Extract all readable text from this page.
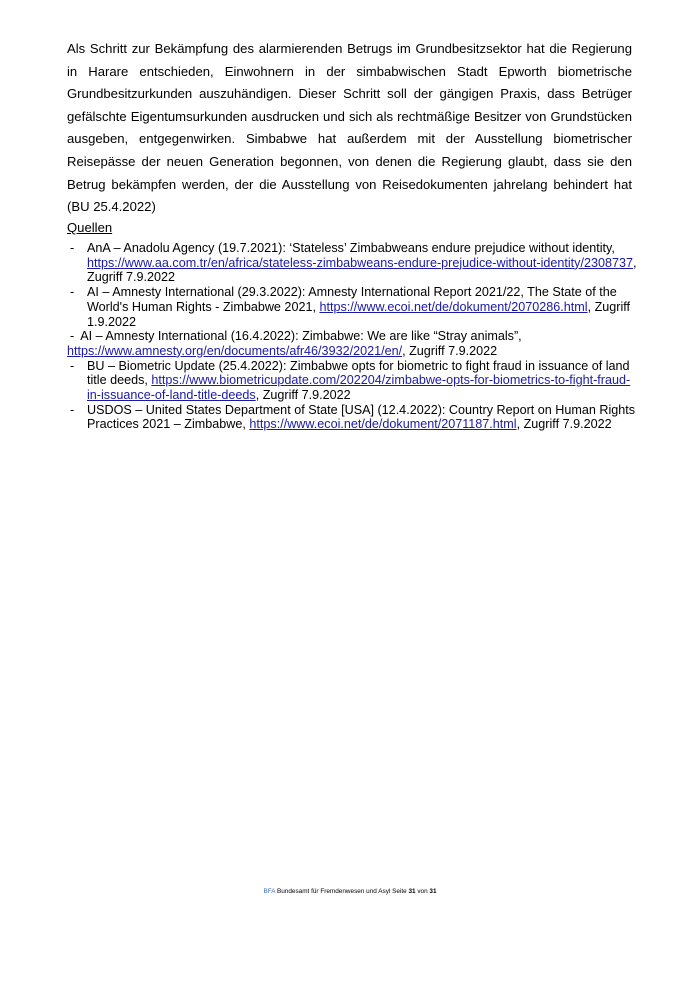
Als Schritt zur Bekämpfung des alarmierenden Betrugs im Grundbesitzsektor hat die Regierung in Harare entschieden, Einwohnern in der simbabwischen Stadt Epworth biometrische Grundbesitzurkunden auszuhändigen. Dieser Schritt soll der gängigen Praxis, dass Betrüger gefälschte Eigentumsurkunden ausdrucken und sich als rechtmäßige Besitzer von Grundstücken ausgeben, entgegenwirken. Simbabwe hat außerdem mit der Ausstellung biometrischer Reisepässe der neuen Generation begonnen, von denen die Regierung glaubt, dass sie den Betrug bekämpfen werden, der die Ausstellung von Reisedokumenten jahrelang behindert hat (BU 25.4.2022)

Quellen

- AnA – Anadolu Agency (19.7.2021): ‘Stateless’ Zimbabweans endure prejudice without identity, https://www.aa.com.tr/en/africa/stateless-zimbabweans-endure-prejudice-without-identity/2308737, Zugriff 7.9.2022
- AI – Amnesty International (29.3.2022): Amnesty International Report 2021/22, The State of the World's Human Rights - Zimbabwe 2021, https://www.ecoi.net/de/dokument/2070286.html, Zugriff 1.9.2022
- AI – Amnesty International (16.4.2022): Zimbabwe: We are like “Stray animals”, https://www.amnesty.org/en/documents/afr46/3932/2021/en/, Zugriff 7.9.2022
- BU – Biometric Update (25.4.2022): Zimbabwe opts for biometric to fight fraud in issuance of land title deeds, https://www.biometricupdate.com/202204/zimbabwe-opts-for-biometrics-to-fight-fraud-in-issuance-of-land-title-deeds, Zugriff 7.9.2022
- USDOS – United States Department of State [USA] (12.4.2022): Country Report on Human Rights Practices 2021 – Zimbabwe, https://www.ecoi.net/de/dokument/2071187.html, Zugriff 7.9.2022
BFA Bundesamt für Fremdenwesen und Asyl Seite 31 von 31
